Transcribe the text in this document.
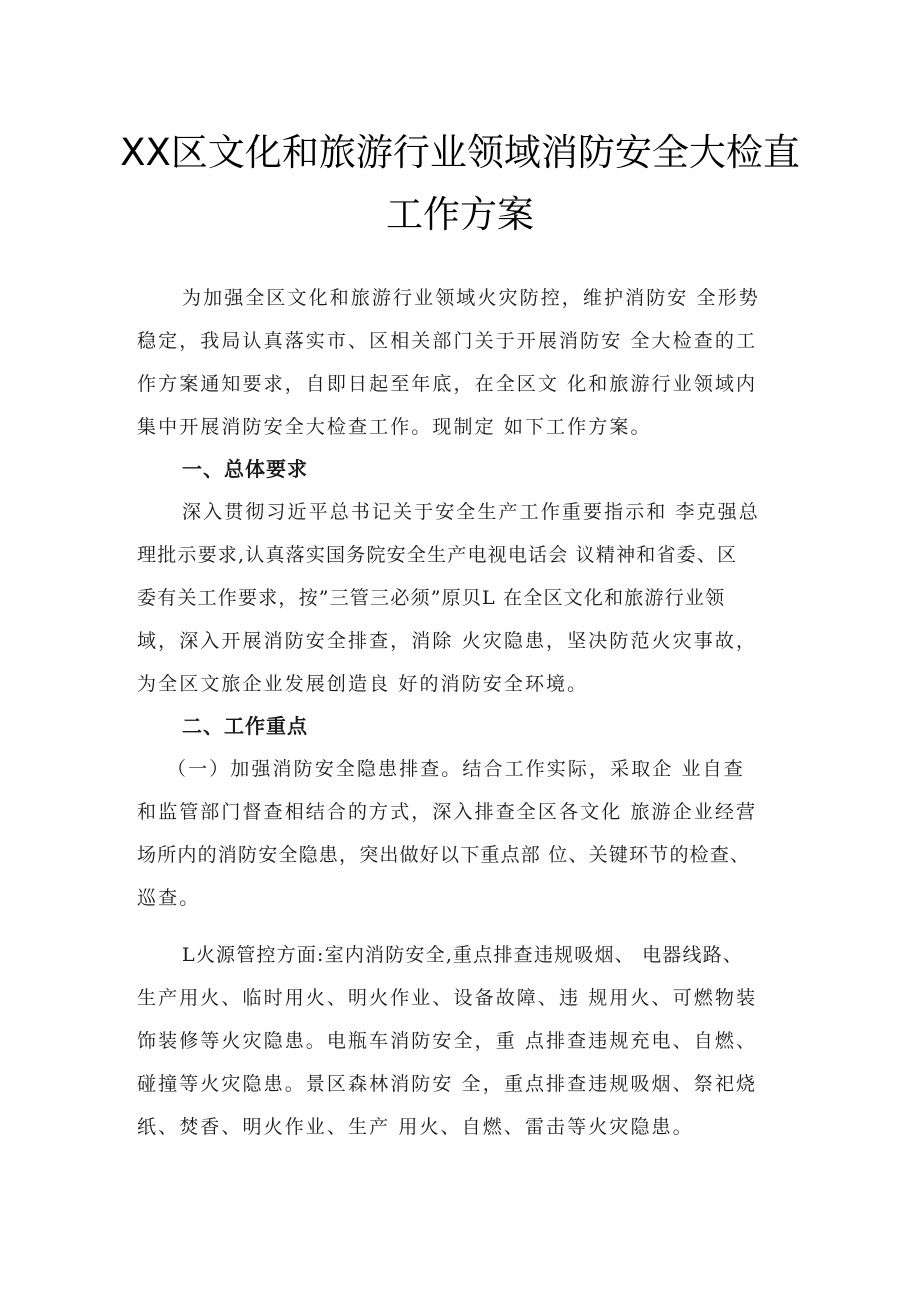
XX区文化和旅游行业领域消防安全大检直
工作方案
为加强全区文化和旅游行业领域火灾防控，维护消防安 全形势
稳定，我局认真落实市、区相关部门关于开展消防安 全大检查的工
作方案通知要求，自即日起至年底，在全区文 化和旅游行业领域内
集中开展消防安全大检查工作。现制定 如下工作方案。
一、总体要求
深入贯彻习近平总书记关于安全生产工作重要指示和 李克强总
理批示要求,认真落实国务院安全生产电视电话会 议精神和省委、区
委有关工作要求，按”三管三必须”原贝L 在全区文化和旅游行业领
域，深入开展消防安全排查，消除 火灾隐患，坚决防范火灾事故，
为全区文旅企业发展创造良 好的消防安全环境。
二、工作重点
（一）加强消防安全隐患排查。结合工作实际，采取企 业自查
和监管部门督查相结合的方式，深入排查全区各文化 旅游企业经营
场所内的消防安全隐患，突出做好以下重点部 位、关键环节的检查、
巡查。
L火源管控方面:室内消防安全,重点排查违规吸烟、 电器线路、
生产用火、临时用火、明火作业、设备故障、违 规用火、可燃物装
饰装修等火灾隐患。电瓶车消防安全，重 点排查违规充电、自燃、
碰撞等火灾隐患。景区森林消防安 全，重点排查违规吸烟、祭祀烧
纸、焚香、明火作业、生产 用火、自燃、雷击等火灾隐患。
